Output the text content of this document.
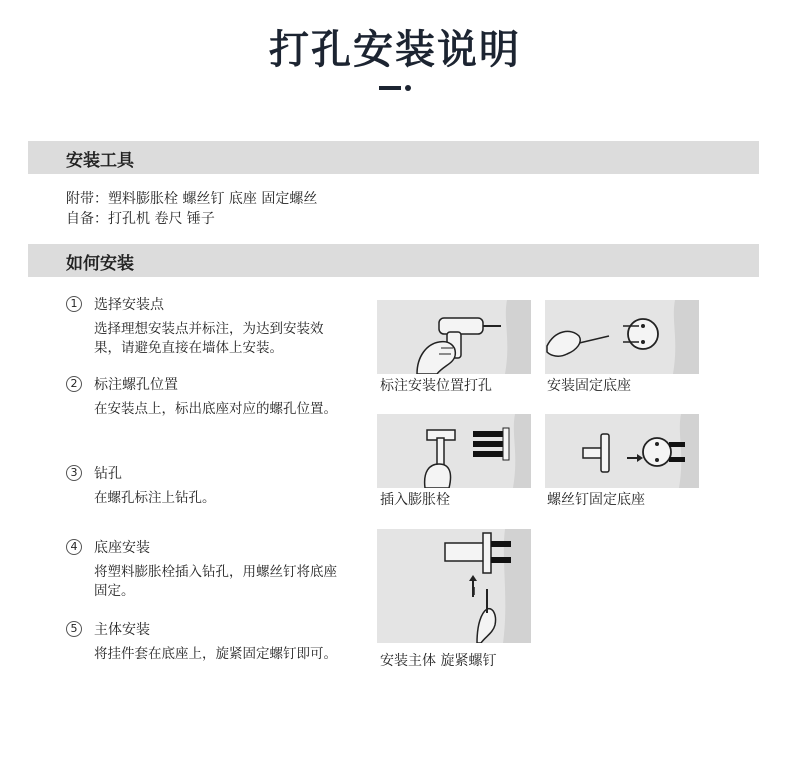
打孔安装说明
安装工具
附带：塑料膨胀栓 螺丝钉 底座 固定螺丝
自备：打孔机 卷尺 锤子
如何安装
1	选择安装点
选择理想安装点并标注，为达到安装效果，请避免直接在墙体上安装。
2	标注螺孔位置
在安装点上，标出底座对应的螺孔位置。
3	钻孔
在螺孔标注上钻孔。
4	底座安装
将塑料膨胀栓插入钻孔，用螺丝钉将底座固定。
5	主体安装
将挂件套在底座上，旋紧固定螺钉即可。
标注安装位置打孔	安装固定底座
插入膨胀栓	螺丝钉固定底座
安装主体 旋紧螺钉
